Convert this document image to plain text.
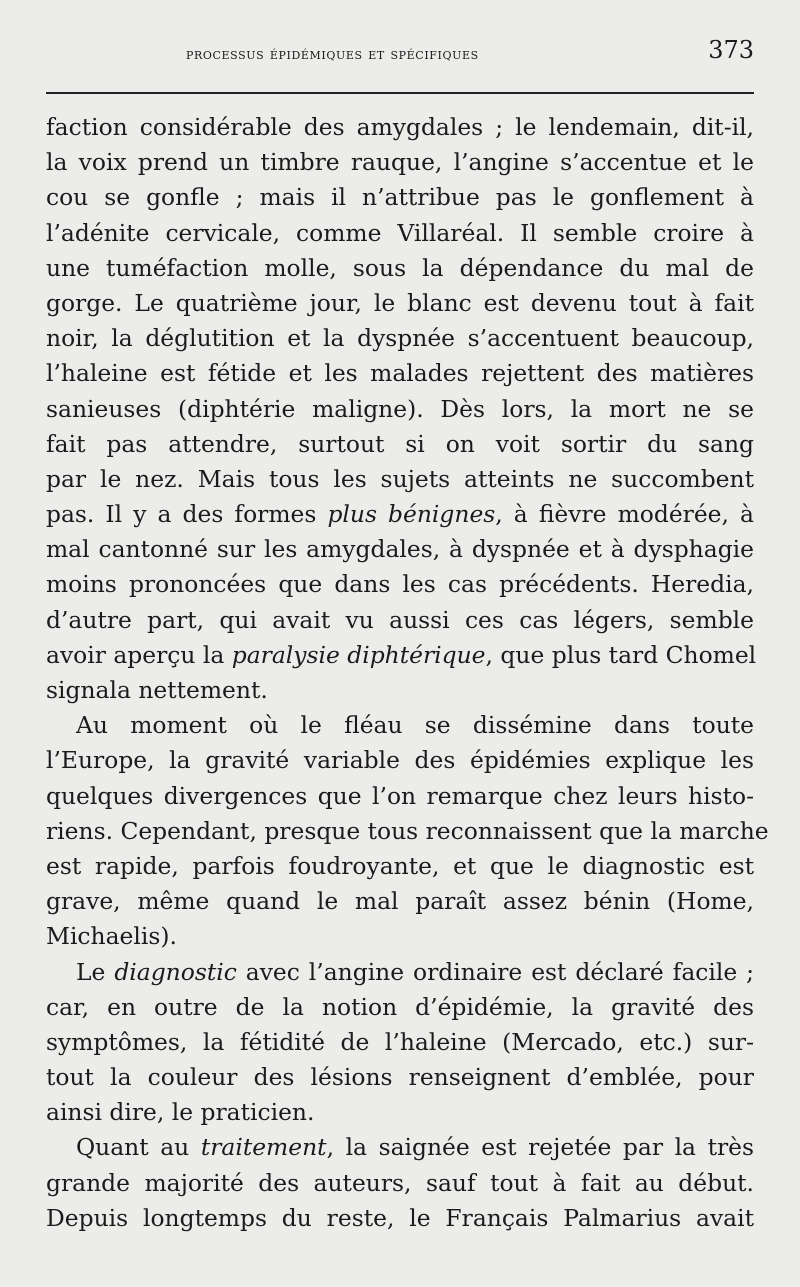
processus épidémiques et spécifiques	373
faction considérable des amygdales ; le lendemain, dit-il,
la voix prend un timbre rauque, l’angine s’accentue et le
cou se gonfle ; mais il n’attribue pas le gonflement à
l’adénite cervicale, comme Villaréal. Il semble croire à
une tuméfaction molle, sous la dépendance du mal de
gorge. Le quatrième jour, le blanc est devenu tout à fait
noir, la déglutition et la dyspnée s’accentuent beaucoup,
l’haleine est fétide et les malades rejettent des matières
sanieuses (diphtérie maligne). Dès lors, la mort ne se
fait pas attendre, surtout si on voit sortir du sang
par le nez. Mais tous les sujets atteints ne succombent
pas. Il y a des formes plus bénignes, à fièvre modérée, à
mal cantonné sur les amygdales, à dyspnée et à dysphagie
moins prononcées que dans les cas précédents. Heredia,
d’autre part, qui avait vu aussi ces cas légers, semble
avoir aperçu la paralysie diphtérique, que plus tard Chomel
signala nettement.
Au moment où le fléau se dissémine dans toute
l’Europe, la gravité variable des épidémies explique les
quelques divergences que l’on remarque chez leurs histo-
riens. Cependant, presque tous reconnaissent que la marche
est rapide, parfois foudroyante, et que le diagnostic est
grave, même quand le mal paraît assez bénin (Home,
Michaelis).
Le diagnostic avec l’angine ordinaire est déclaré facile ;
car, en outre de la notion d’épidémie, la gravité des
symptômes, la fétidité de l’haleine (Mercado, etc.) sur-
tout la couleur des lésions renseignent d’emblée, pour
ainsi dire, le praticien.
Quant au traitement, la saignée est rejetée par la très
grande majorité des auteurs, sauf tout à fait au début.
Depuis longtemps du reste, le Français Palmarius avait
